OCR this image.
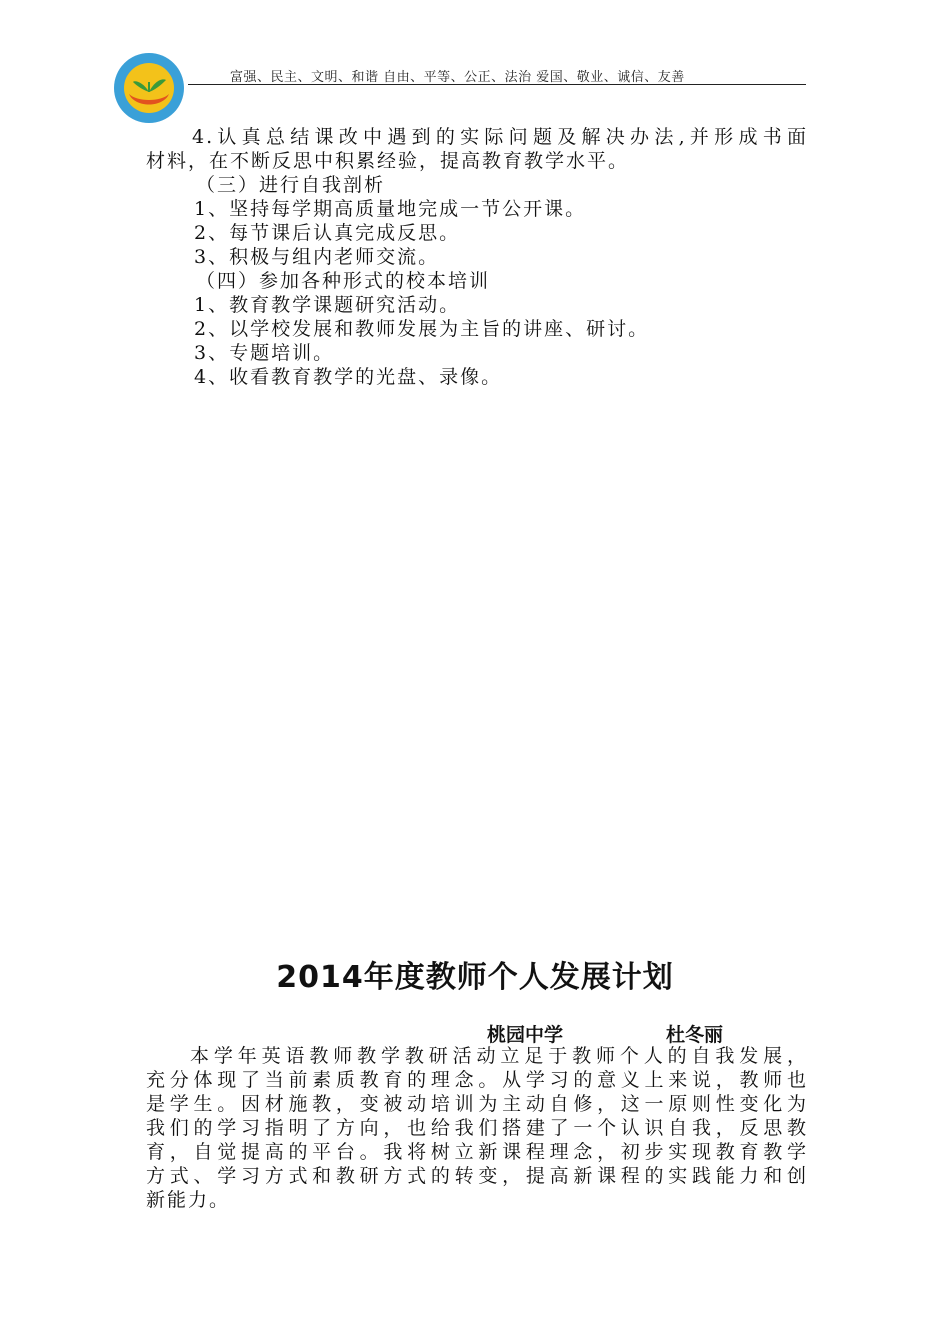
富强、民主、文明、和谐 自由、平等、公正、法治 爱国、敬业、诚信、友善
4.认真总结课改中遇到的实际问题及解决办法,并形成书面
材料，在不断反思中积累经验，提高教育教学水平。
（三）进行自我剖析
1、坚持每学期高质量地完成一节公开课。
2、每节课后认真完成反思。
3、积极与组内老师交流。
（四）参加各种形式的校本培训
1、教育教学课题研究活动。
2、以学校发展和教师发展为主旨的讲座、研讨。
3、专题培训。
4、收看教育教学的光盘、录像。
2014年度教师个人发展计划
桃园中学	杜冬丽
本学年英语教师教学教研活动立足于教师个人的自我发展，
充分体现了当前素质教育的理念。从学习的意义上来说，教师也
是学生。因材施教，变被动培训为主动自修，这一原则性变化为
我们的学习指明了方向，也给我们搭建了一个认识自我，反思教
育，自觉提高的平台。我将树立新课程理念，初步实现教育教学
方式、学习方式和教研方式的转变，提高新课程的实践能力和创
新能力。
